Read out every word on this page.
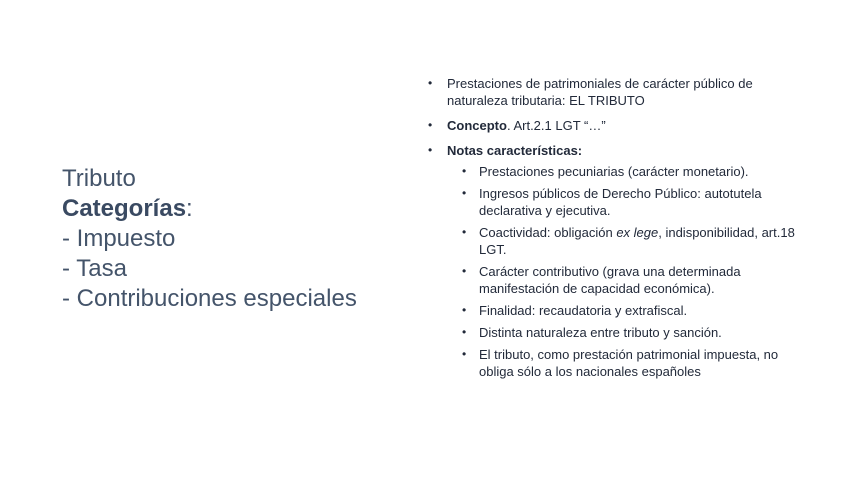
Tributo
Categorías:
- Impuesto
- Tasa
- Contribuciones especiales
• Prestaciones de patrimoniales de carácter público de naturaleza tributaria: EL TRIBUTO
• Concepto. Art.2.1 LGT “…”
• Notas características:
• Prestaciones pecuniarias (carácter monetario).
• Ingresos públicos de Derecho Público: autotutela declarativa y ejecutiva.
• Coactividad: obligación ex lege, indisponibilidad, art.18 LGT.
• Carácter contributivo (grava una determinada manifestación de capacidad económica).
• Finalidad: recaudatoria y extrafiscal.
• Distinta naturaleza entre tributo y sanción.
• El tributo, como prestación patrimonial impuesta, no obliga sólo a los nacionales españoles
